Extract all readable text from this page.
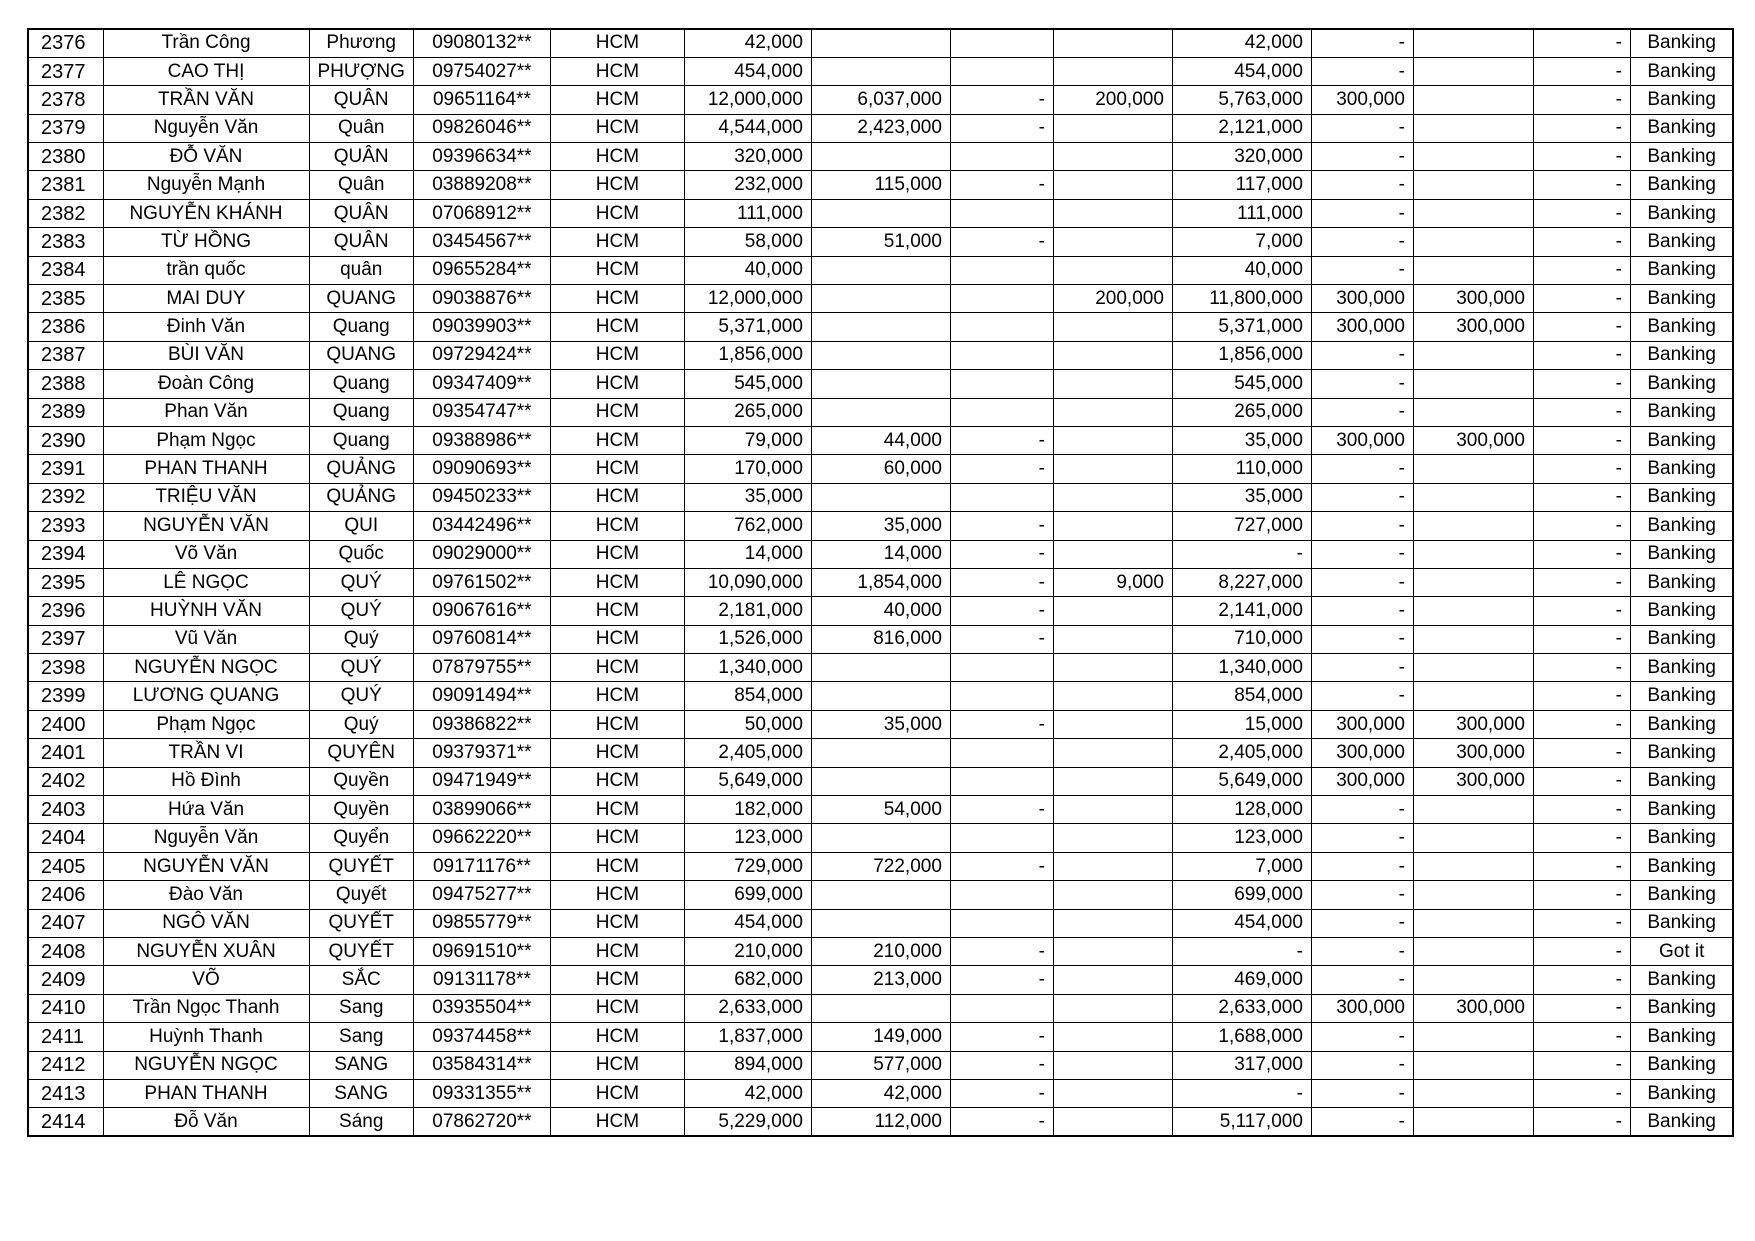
2376	Trần Công	Phương	09080132**	HCM	42,000				42,000	-		-	Banking
2377	CAO THỊ	PHƯỢNG	09754027**	HCM	454,000				454,000	-		-	Banking
2378	TRẦN VĂN	QUÂN	09651164**	HCM	12,000,000	6,037,000	-	200,000	5,763,000	300,000		-	Banking
2379	Nguyễn Văn	Quân	09826046**	HCM	4,544,000	2,423,000	-		2,121,000	-		-	Banking
2380	ĐỖ VĂN	QUÂN	09396634**	HCM	320,000				320,000	-		-	Banking
2381	Nguyễn Mạnh	Quân	03889208**	HCM	232,000	115,000	-		117,000	-		-	Banking
2382	NGUYỄN KHÁNH	QUÂN	07068912**	HCM	111,000				111,000	-		-	Banking
2383	TỪ HỒNG	QUÂN	03454567**	HCM	58,000	51,000	-		7,000	-		-	Banking
2384	trần quốc	quân	09655284**	HCM	40,000				40,000	-		-	Banking
2385	MAI DUY	QUANG	09038876**	HCM	12,000,000			200,000	11,800,000	300,000	300,000	-	Banking
2386	Đinh Văn	Quang	09039903**	HCM	5,371,000				5,371,000	300,000	300,000	-	Banking
2387	BÙI VĂN	QUANG	09729424**	HCM	1,856,000				1,856,000	-		-	Banking
2388	Đoàn Công	Quang	09347409**	HCM	545,000				545,000	-		-	Banking
2389	Phan Văn	Quang	09354747**	HCM	265,000				265,000	-		-	Banking
2390	Phạm Ngọc	Quang	09388986**	HCM	79,000	44,000	-		35,000	300,000	300,000	-	Banking
2391	PHAN THANH	QUẢNG	09090693**	HCM	170,000	60,000	-		110,000	-		-	Banking
2392	TRIỆU VĂN	QUẢNG	09450233**	HCM	35,000				35,000	-		-	Banking
2393	NGUYỄN VĂN	QUI	03442496**	HCM	762,000	35,000	-		727,000	-		-	Banking
2394	Võ Văn	Quốc	09029000**	HCM	14,000	14,000	-		-	-		-	Banking
2395	LÊ NGỌC	QUÝ	09761502**	HCM	10,090,000	1,854,000	-	9,000	8,227,000	-		-	Banking
2396	HUỲNH VĂN	QUÝ	09067616**	HCM	2,181,000	40,000	-		2,141,000	-		-	Banking
2397	Vũ Văn	Quý	09760814**	HCM	1,526,000	816,000	-		710,000	-		-	Banking
2398	NGUYỄN NGỌC	QUÝ	07879755**	HCM	1,340,000				1,340,000	-		-	Banking
2399	LƯƠNG QUANG	QUÝ	09091494**	HCM	854,000				854,000	-		-	Banking
2400	Phạm Ngọc	Quý	09386822**	HCM	50,000	35,000	-		15,000	300,000	300,000	-	Banking
2401	TRẦN VI	QUYÊN	09379371**	HCM	2,405,000				2,405,000	300,000	300,000	-	Banking
2402	Hồ Đình	Quyền	09471949**	HCM	5,649,000				5,649,000	300,000	300,000	-	Banking
2403	Hứa Văn	Quyền	03899066**	HCM	182,000	54,000	-		128,000	-		-	Banking
2404	Nguyễn Văn	Quyển	09662220**	HCM	123,000				123,000	-		-	Banking
2405	NGUYỄN VĂN	QUYẾT	09171176**	HCM	729,000	722,000	-		7,000	-		-	Banking
2406	Đào Văn	Quyết	09475277**	HCM	699,000				699,000	-		-	Banking
2407	NGÔ VĂN	QUYẾT	09855779**	HCM	454,000				454,000	-		-	Banking
2408	NGUYỄN XUÂN	QUYẾT	09691510**	HCM	210,000	210,000	-		-	-		-	Got it
2409	VÕ	SẮC	09131178**	HCM	682,000	213,000	-		469,000	-		-	Banking
2410	Trần Ngọc Thanh	Sang	03935504**	HCM	2,633,000				2,633,000	300,000	300,000	-	Banking
2411	Huỳnh Thanh	Sang	09374458**	HCM	1,837,000	149,000	-		1,688,000	-		-	Banking
2412	NGUYỄN NGỌC	SANG	03584314**	HCM	894,000	577,000	-		317,000	-		-	Banking
2413	PHAN THANH	SANG	09331355**	HCM	42,000	42,000	-		-	-		-	Banking
2414	Đỗ Văn	Sáng	07862720**	HCM	5,229,000	112,000	-		5,117,000	-		-	Banking
